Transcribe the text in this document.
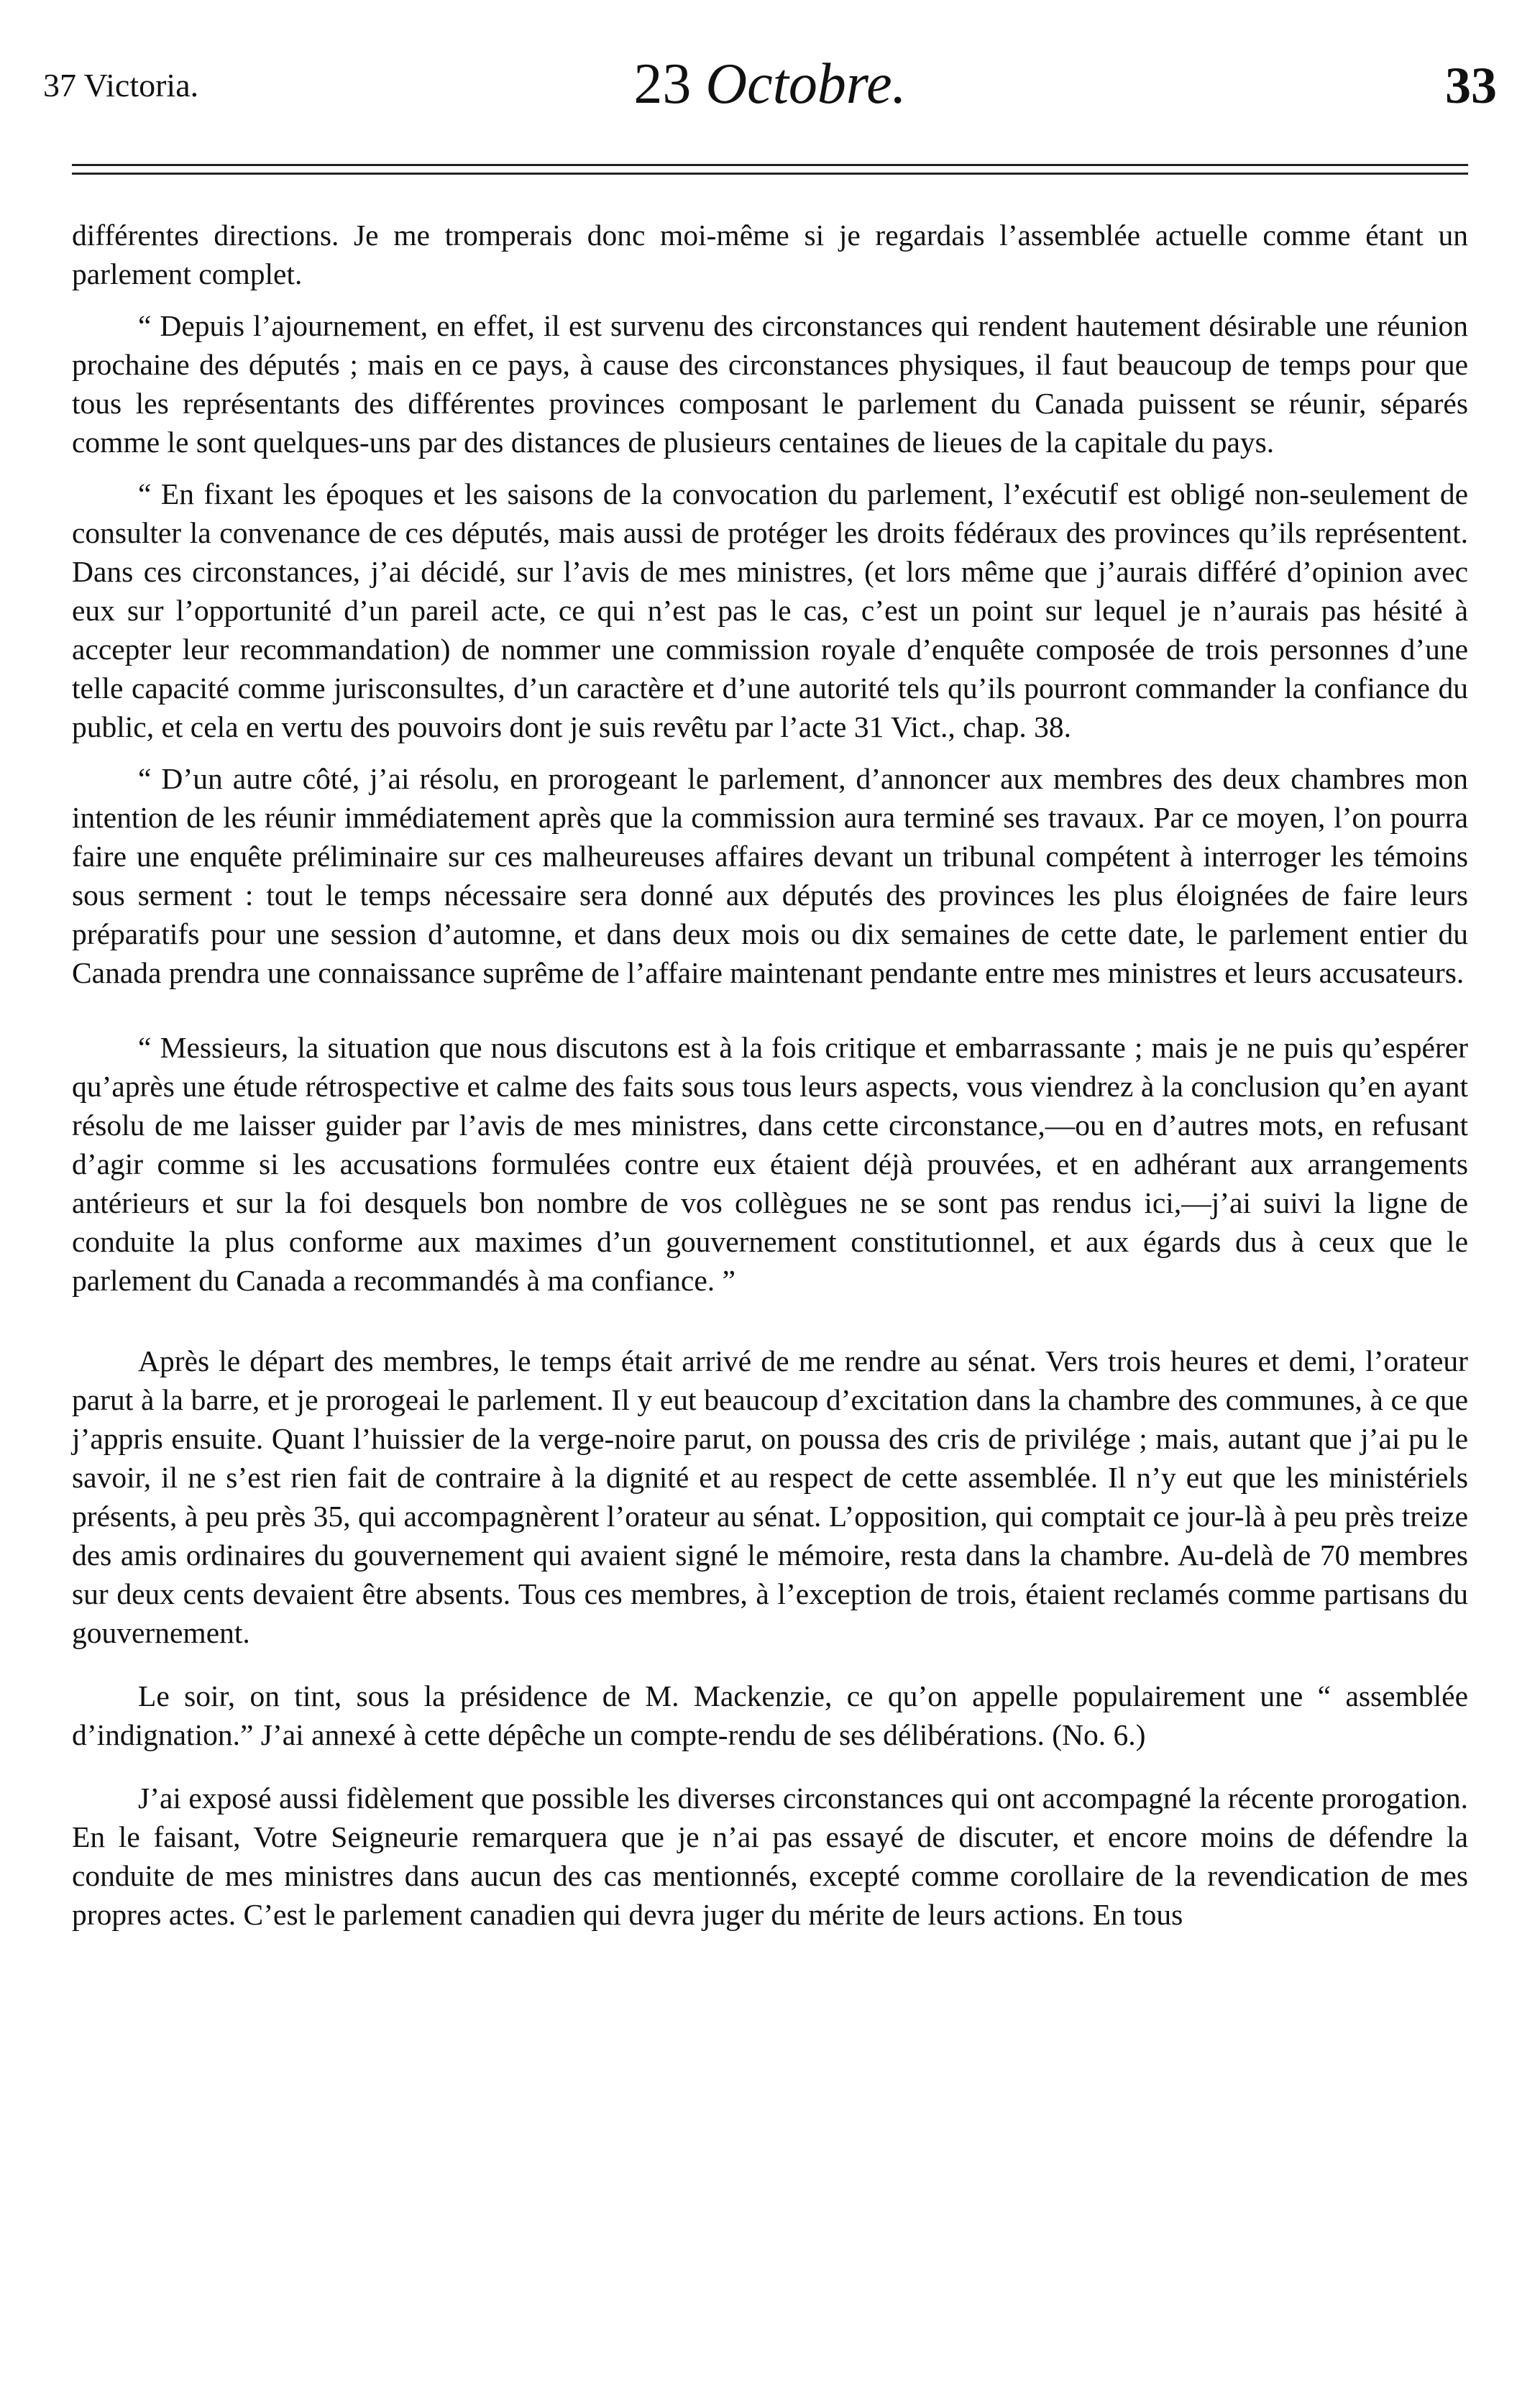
37 Victoria.	23 Octobre.	33

différentes directions. Je me tromperais donc moi-même si je regardais l’assemblée actuelle comme étant un parlement complet.

“ Depuis l’ajournement, en effet, il est survenu des circonstances qui rendent hautement désirable une réunion prochaine des députés ; mais en ce pays, à cause des circonstances physiques, il faut beaucoup de temps pour que tous les représentants des différentes provinces composant le parlement du Canada puissent se réunir, séparés comme le sont quelques-uns par des distances de plusieurs centaines de lieues de la capitale du pays.

“ En fixant les époques et les saisons de la convocation du parlement, l’exécutif est obligé non-seulement de consulter la convenance de ces députés, mais aussi de protéger les droits fédéraux des provinces qu’ils représentent. Dans ces circonstances, j’ai décidé, sur l’avis de mes ministres, (et lors même que j’aurais différé d’opinion avec eux sur l’opportunité d’un pareil acte, ce qui n’est pas le cas, c’est un point sur lequel je n’aurais pas hésité à accepter leur recommandation) de nommer une commission royale d’enquête composée de trois personnes d’une telle capacité comme jurisconsultes, d’un caractère et d’une autorité tels qu’ils pourront commander la confiance du public, et cela en vertu des pouvoirs dont je suis revêtu par l’acte 31 Vict., chap. 38.

“ D’un autre côté, j’ai résolu, en prorogeant le parlement, d’annoncer aux membres des deux chambres mon intention de les réunir immédiatement après que la commission aura terminé ses travaux. Par ce moyen, l’on pourra faire une enquête préliminaire sur ces malheureuses affaires devant un tribunal compétent à interroger les témoins sous serment : tout le temps nécessaire sera donné aux députés des provinces les plus éloignées de faire leurs préparatifs pour une session d’automne, et dans deux mois ou dix semaines de cette date, le parlement entier du Canada prendra une connaissance suprême de l’affaire maintenant pendante entre mes ministres et leurs accusateurs.

“ Messieurs, la situation que nous discutons est à la fois critique et embarrassante ; mais je ne puis qu’espérer qu’après une étude rétrospective et calme des faits sous tous leurs aspects, vous viendrez à la conclusion qu’en ayant résolu de me laisser guider par l’avis de mes ministres, dans cette circonstance,—ou en d’autres mots, en refusant d’agir comme si les accusations formulées contre eux étaient déjà prouvées, et en adhérant aux arrangements antérieurs et sur la foi desquels bon nombre de vos collègues ne se sont pas rendus ici,—j’ai suivi la ligne de conduite la plus conforme aux maximes d’un gouvernement constitutionnel, et aux égards dus à ceux que le parlement du Canada a recommandés à ma confiance. ”

Après le départ des membres, le temps était arrivé de me rendre au sénat. Vers trois heures et demi, l’orateur parut à la barre, et je prorogeai le parlement. Il y eut beaucoup d’excitation dans la chambre des communes, à ce que j’appris ensuite. Quant l’huissier de la verge-noire parut, on poussa des cris de privilége ; mais, autant que j’ai pu le savoir, il ne s’est rien fait de contraire à la dignité et au respect de cette assemblée. Il n’y eut que les ministériels présents, à peu près 35, qui accompagnèrent l’orateur au sénat. L’opposition, qui comptait ce jour-là à peu près treize des amis ordinaires du gouvernement qui avaient signé le mémoire, resta dans la chambre. Au-delà de 70 membres sur deux cents devaient être absents. Tous ces membres, à l’exception de trois, étaient reclamés comme partisans du gouvernement.

Le soir, on tint, sous la présidence de M. Mackenzie, ce qu’on appelle populairement une “ assemblée d’indignation.” J’ai annexé à cette dépêche un compte-rendu de ses délibérations. (No. 6.)

J’ai exposé aussi fidèlement que possible les diverses circonstances qui ont accompagné la récente prorogation. En le faisant, Votre Seigneurie remarquera que je n’ai pas essayé de discuter, et encore moins de défendre la conduite de mes ministres dans aucun des cas mentionnés, excepté comme corollaire de la revendication de mes propres actes. C’est le parlement canadien qui devra juger du mérite de leurs actions. En tous
